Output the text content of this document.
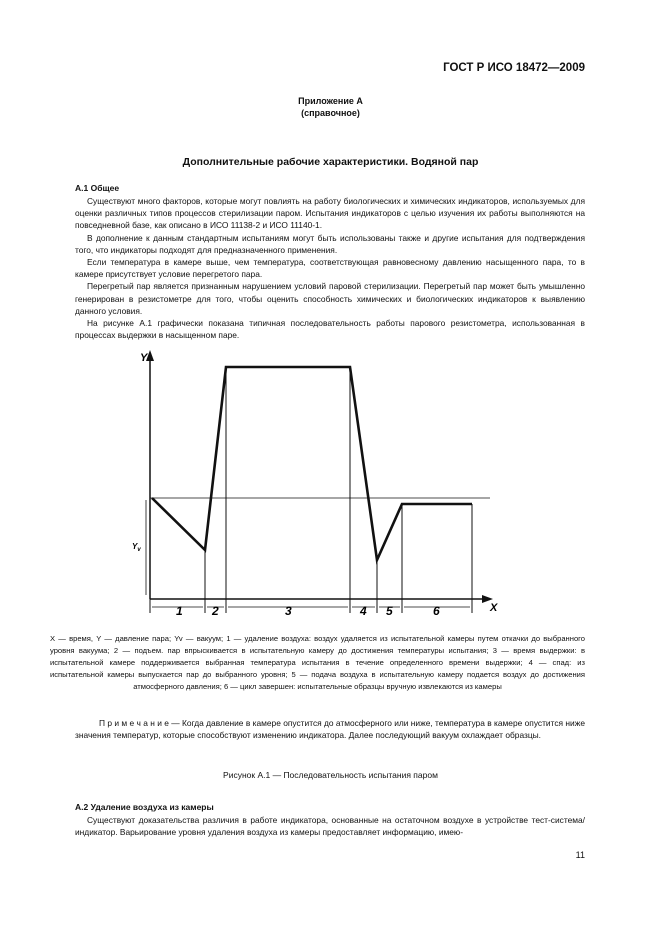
ГОСТ Р ИСО 18472—2009
Приложение А
(справочное)
Дополнительные рабочие характеристики. Водяной пар
А.1 Общее

Существуют много факторов, которые могут повлиять на работу биологических и химических индикаторов, используемых для оценки различных типов процессов стерилизации паром. Испытания индикаторов с целью изучения их работы выполняются на повседневной базе, как описано в ИСО 11138-2 и ИСО 11140-1.

В дополнение к данным стандартным испытаниям могут быть использованы также и другие испытания для подтверждения того, что индикаторы подходят для предназначенного применения.

Если температура в камере выше, чем температура, соответствующая равновесному давлению насыщенного пара, то в камере присутствует условие перегретого пара.

Перегретый пар является признанным нарушением условий паровой стерилизации. Перегретый пар может быть умышленно генерирован в резистометре для того, чтобы оценить способность химических и биологических индикаторов к выявлению данного условия.

На рисунке А.1 графически показана типичная последовательность работы парового резистометра, использованная в процессах выдержки в насыщенном паре.

Y
X
$Y_v$
1 2	3	4 5	6
X — время, Y — давление пара; Yv — вакуум; 1 — удаление воздуха: воздух удаляется из испытательной камеры путем откачки до выбранного уровня вакуума; 2 — подъем. пар впрыскивается в испытательную камеру до достижения температуры испытания; 3 — время выдержки: в испытательной камере поддерживается выбранная температура испытания в течение определенного времени выдержки; 4 — спад: из испытательной камеры выпускается пар до выбранного уровня; 5 — подача воздуха в испытательную камеру подается воздух до достижения атмосферного давления; 6 — цикл завершен: испытательные образцы вручную извлекаются из камеры

П р и м е ч а н и е — Когда давление в камере опустится до атмосферного или ниже, температура в камере опустится ниже значения температур, которые способствуют изменению индикатора. Далее последующий вакуум охлаждает образцы.

Рисунок А.1 — Последовательность испытания паром
А.2 Удаление воздуха из камеры

Существуют доказательства различия в работе индикатора, основанные на остаточном воздухе в устройстве тест-система/индикатор. Варьирование уровня удаления воздуха из камеры предоставляет информацию, имею-

11
